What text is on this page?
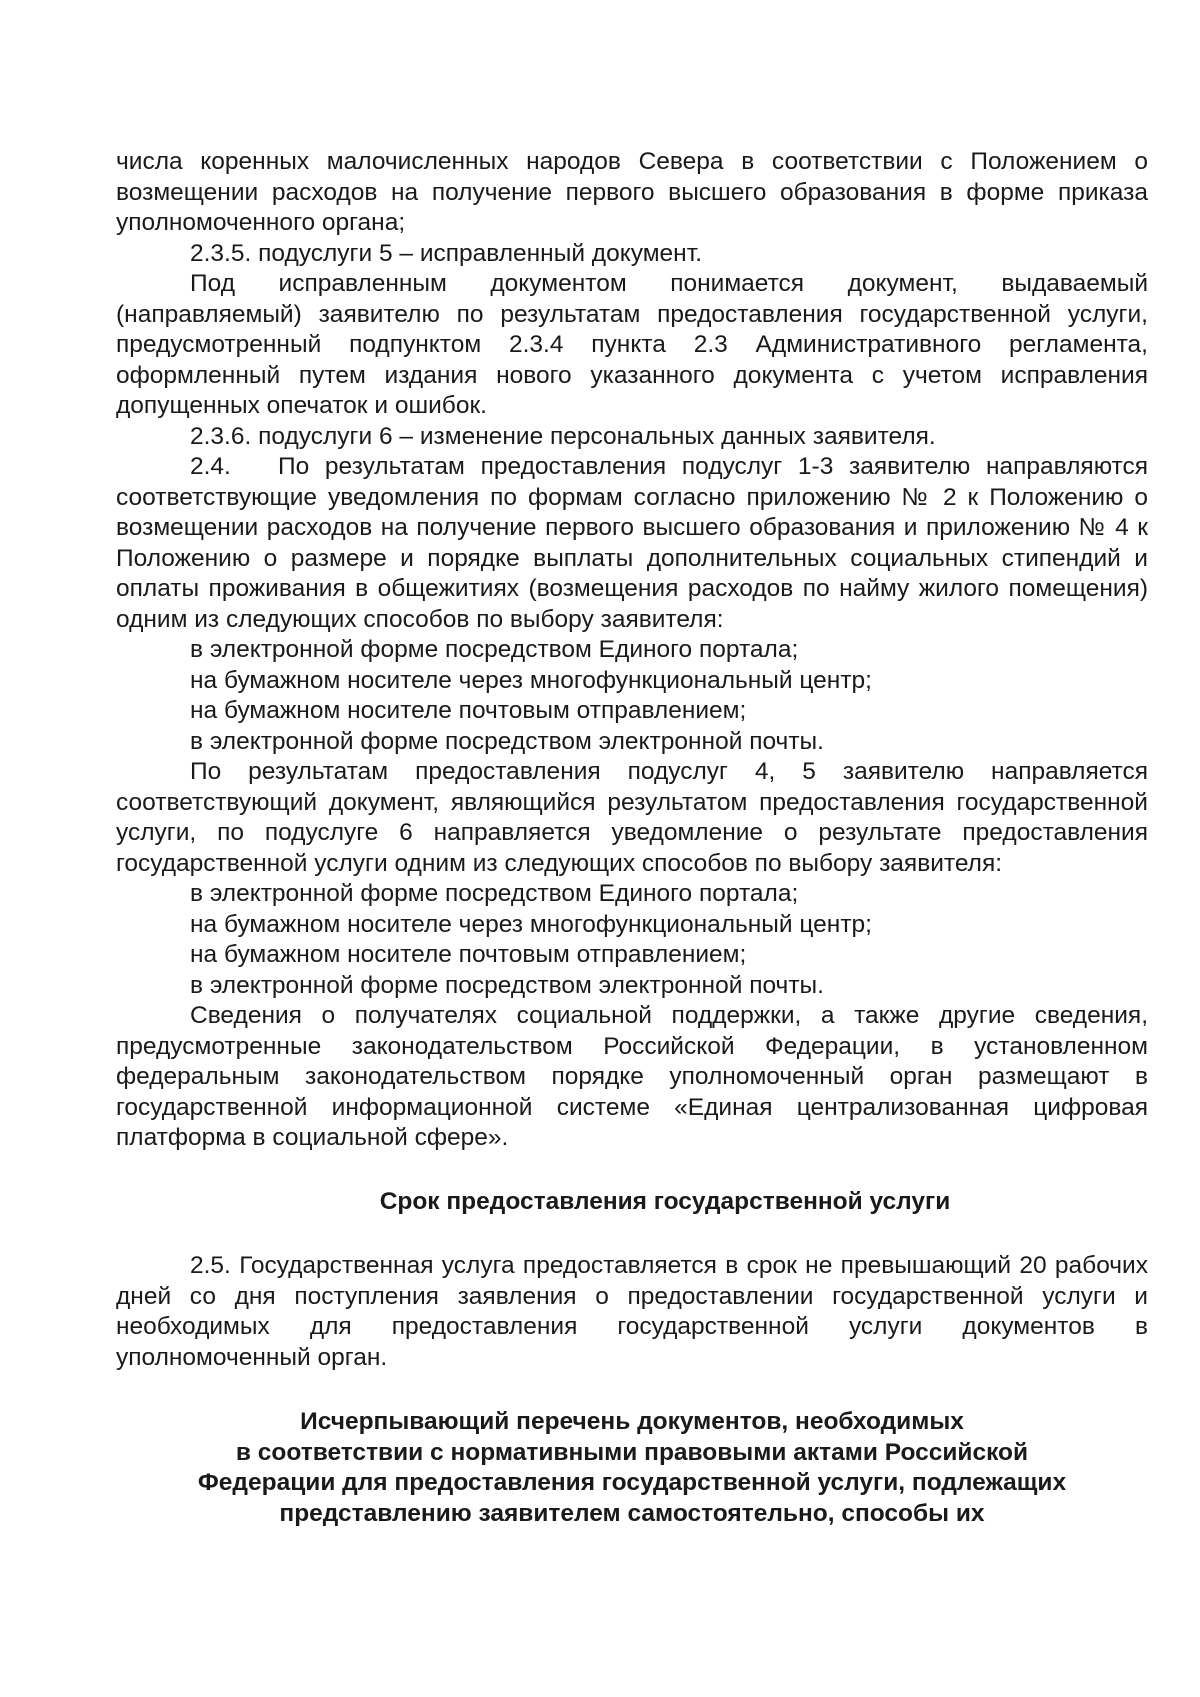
числа коренных малочисленных народов Севера в соответствии с Положением о возмещении расходов на получение первого высшего образования в форме приказа уполномоченного органа;

2.3.5. подуслуги 5 – исправленный документ.

Под исправленным документом понимается документ, выдаваемый (направляемый) заявителю по результатам предоставления государственной услуги, предусмотренный подпунктом 2.3.4 пункта 2.3 Административного регламента, оформленный путем издания нового указанного документа с учетом исправления допущенных опечаток и ошибок.

2.3.6. подуслуги 6 – изменение персональных данных заявителя.

2.4.   По результатам предоставления подуслуг 1-3 заявителю направляются соответствующие уведомления по формам согласно приложению № 2 к Положению о возмещении расходов на получение первого высшего образования и приложению № 4 к Положению о размере и порядке выплаты дополнительных социальных стипендий и оплаты проживания в общежитиях (возмещения расходов по найму жилого помещения) одним из следующих способов по выбору заявителя:

в электронной форме посредством Единого портала;

на бумажном носителе через многофункциональный центр;

на бумажном носителе почтовым отправлением;

в электронной форме посредством электронной почты.

По результатам предоставления подуслуг 4, 5 заявителю направляется соответствующий документ, являющийся результатом предоставления государственной услуги, по подуслуге 6 направляется уведомление о результате предоставления государственной услуги одним из следующих способов по выбору заявителя:

в электронной форме посредством Единого портала;

на бумажном носителе через многофункциональный центр;

на бумажном носителе почтовым отправлением;

в электронной форме посредством электронной почты.

Сведения о получателях социальной поддержки, а также другие сведения, предусмотренные законодательством Российской Федерации, в установленном федеральным законодательством порядке уполномоченный орган размещают в государственной информационной системе «Единая централизованная цифровая платформа в социальной сфере».

Срок предоставления государственной услуги

2.5. Государственная услуга предоставляется в срок не превышающий 20 рабочих дней со дня поступления заявления о предоставлении государственной услуги и необходимых для предоставления государственной услуги документов в уполномоченный орган.

Исчерпывающий перечень документов, необходимых
в соответствии с нормативными правовыми актами Российской
Федерации для предоставления государственной услуги, подлежащих
представлению заявителем самостоятельно, способы их
